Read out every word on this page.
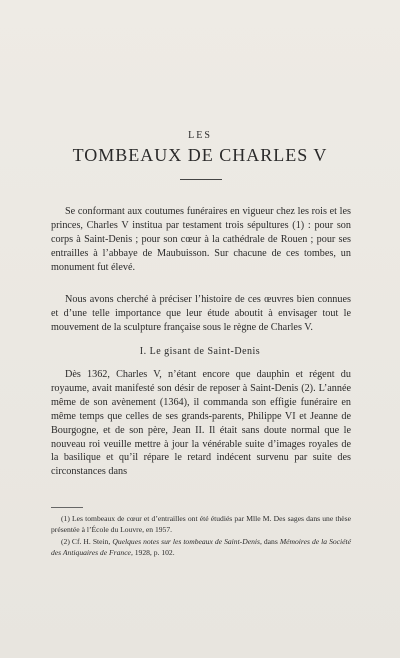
LES
TOMBEAUX DE CHARLES V

Se conformant aux coutumes funéraires en vigueur chez les rois et les princes, Charles V institua par testament trois sépultures (1) : pour son corps à Saint-Denis ; pour son cœur à la cathédrale de Rouen ; pour ses entrailles à l’abbaye de Maubuisson. Sur chacune de ces tombes, un monument fut élevé.

Nous avons cherché à préciser l’histoire de ces œuvres bien connues et d’une telle importance que leur étude aboutit à envisager tout le mouvement de la sculpture française sous le règne de Charles V.

I. Le gisant de Saint-Denis

Dès 1362, Charles V, n’étant encore que dauphin et régent du royaume, avait manifesté son désir de reposer à Saint-Denis (2). L’année même de son avènement (1364), il commanda son effigie funéraire en même temps que celles de ses grands-parents, Philippe VI et Jeanne de Bourgogne, et de son père, Jean II. Il était sans doute normal que le nouveau roi veuille mettre à jour la vénérable suite d’images royales de la basilique et qu’il répare le retard indécent survenu par suite des circonstances dans

(1) Les tombeaux de cœur et d’entrailles ont été étudiés par Mlle M. Des sages dans une thèse présentée à l’École du Louvre, en 1957.

(2) Cf. H. Stein, Quelques notes sur les tombeaux de Saint-Denis, dans Mémoires de la Société des Antiquaires de France, 1928, p. 102.
